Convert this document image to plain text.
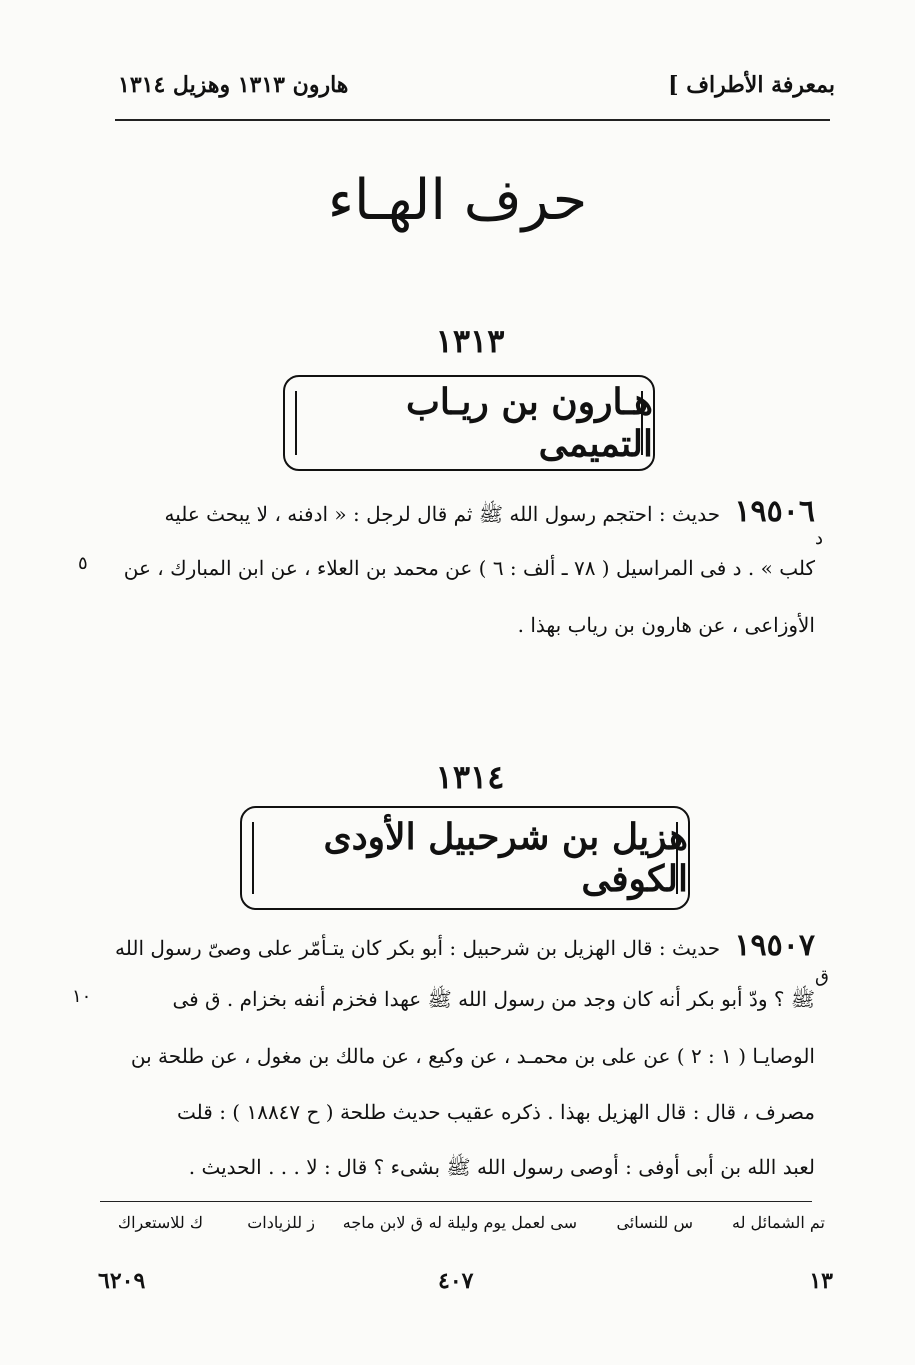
بمعرفة الأطراف ]
هارون ١٣١٣ وهزيل ١٣١٤
حرف الهـاء
١٣١٣
هـارون بن ريـاب التميمى
١٩٥٠٦ حديث : احتجم رسول الله ﷺ ثم قال لرجل : « ادفنه ، لا يبحث عليه
د
كلب » . د فى المراسيل ( ٧٨ ـ ألف : ٦ ) عن محمد بن العلاء ، عن ابن المبارك ، عن
٥
الأوزاعى ، عن هارون بن رياب بهذا .
١٣١٤
هزيل بن شرحبيل الأودى الكوفى
١٩٥٠٧ حديث : قال الهزيل بن شرحبيل : أبو بكر كان يتـأمّر على وصىّ رسول الله
ق
ﷺ ؟ ودّ أبو بكر أنه كان وجد من رسول الله ﷺ عهدا فخزم أنفه بخزام . ق فى
١٠
الوصايـا ( ١ : ٢ ) عن على بن محمـد ، عن وكيع ، عن مالك بن مغول ، عن طلحة بن
مصرف ، قال : قال الهزيل بهذا . ذكره عقيب حديث طلحة ( ح ١٨٨٤٧ ) : قلت
لعبد الله بن أبى أوفى : أوصى رسول الله ﷺ بشىء ؟ قال : لا . . . الحديث .
تم الشمائل له
س للنسائى
سى لعمل يوم وليلة له
ق لابن ماجه
ز للزيادات
ك للاستعراك
١٣
٤٠٧
٦٢٠٩
